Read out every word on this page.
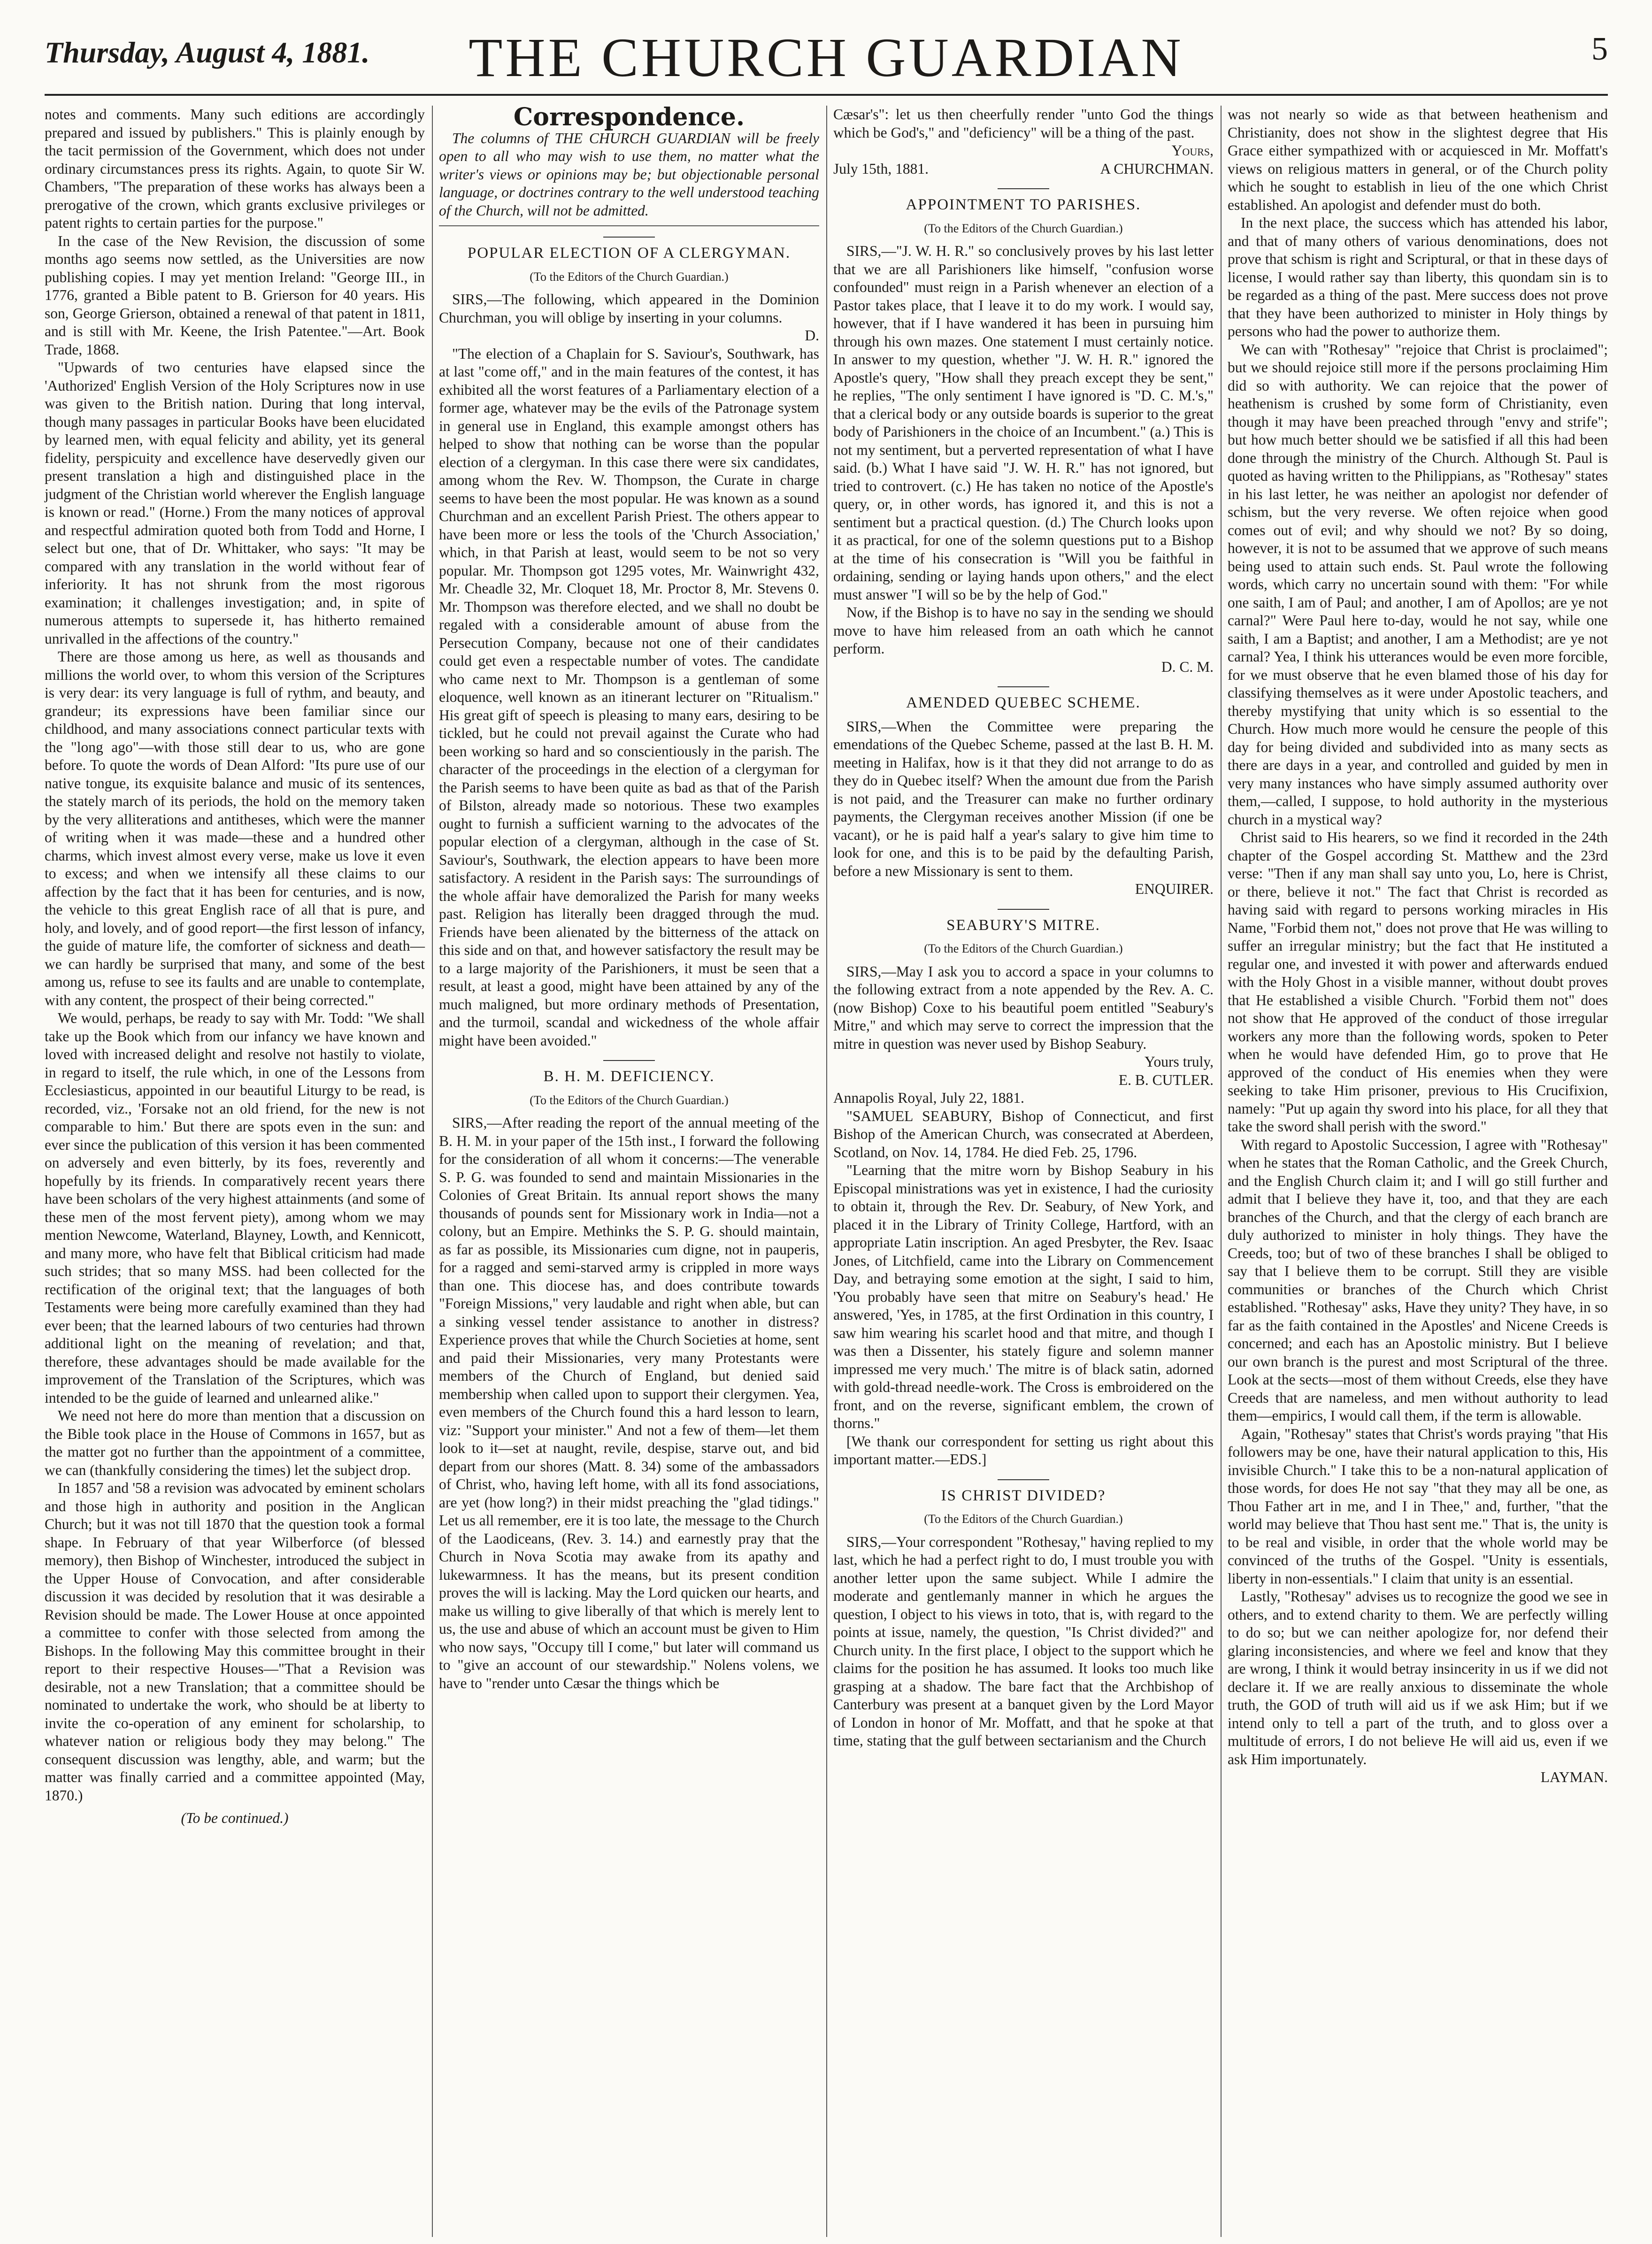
Thursday, August 4, 1881.	THE CHURCH GUARDIAN	5

notes and comments. Many such editions are accordingly prepared and issued by publishers." This is plainly enough by the tacit permission of the Government, which does not under ordinary circumstances press its rights. Again, to quote Sir W. Chambers, "The preparation of these works has always been a prerogative of the crown, which grants exclusive privileges or patent rights to certain parties for the purpose."

In the case of the New Revision, the discussion of some months ago seems now settled, as the Universities are now publishing copies. I may yet mention Ireland: "George III., in 1776, granted a Bible patent to B. Grierson for 40 years. His son, George Grierson, obtained a renewal of that patent in 1811, and is still with Mr. Keene, the Irish Patentee."—Art. Book Trade, 1868.

"Upwards of two centuries have elapsed since the 'Authorized' English Version of the Holy Scriptures now in use was given to the British nation. During that long interval, though many passages in particular Books have been elucidated by learned men, with equal felicity and ability, yet its general fidelity, perspicuity and excellence have deservedly given our present translation a high and distinguished place in the judgment of the Christian world wherever the English language is known or read." (Horne.) From the many notices of approval and respectful admiration quoted both from Todd and Horne, I select but one, that of Dr. Whittaker, who says: "It may be compared with any translation in the world without fear of inferiority. It has not shrunk from the most rigorous examination; it challenges investigation; and, in spite of numerous attempts to supersede it, has hitherto remained unrivalled in the affections of the country."

There are those among us here, as well as thousands and millions the world over, to whom this version of the Scriptures is very dear: its very language is full of rythm, and beauty, and grandeur; its expressions have been familiar since our childhood, and many associations connect particular texts with the "long ago"—with those still dear to us, who are gone before. To quote the words of Dean Alford: "Its pure use of our native tongue, its exquisite balance and music of its sentences, the stately march of its periods, the hold on the memory taken by the very alliterations and antitheses, which were the manner of writing when it was made—these and a hundred other charms, which invest almost every verse, make us love it even to excess; and when we intensify all these claims to our affection by the fact that it has been for centuries, and is now, the vehicle to this great English race of all that is pure, and holy, and lovely, and of good report—the first lesson of infancy, the guide of mature life, the comforter of sickness and death—we can hardly be surprised that many, and some of the best among us, refuse to see its faults and are unable to contemplate, with any content, the prospect of their being corrected."

We would, perhaps, be ready to say with Mr. Todd: "We shall take up the Book which from our infancy we have known and loved with increased delight and resolve not hastily to violate, in regard to itself, the rule which, in one of the Lessons from Ecclesiasticus, appointed in our beautiful Liturgy to be read, is recorded, viz., 'Forsake not an old friend, for the new is not comparable to him.' But there are spots even in the sun: and ever since the publication of this version it has been commented on adversely and even bitterly, by its foes, reverently and hopefully by its friends. In comparatively recent years there have been scholars of the very highest attainments (and some of these men of the most fervent piety), among whom we may mention Newcome, Waterland, Blayney, Lowth, and Kennicott, and many more, who have felt that Biblical criticism had made such strides; that so many MSS. had been collected for the rectification of the original text; that the languages of both Testaments were being more carefully examined than they had ever been; that the learned labours of two centuries had thrown additional light on the meaning of revelation; and that, therefore, these advantages should be made available for the improvement of the Translation of the Scriptures, which was intended to be the guide of learned and unlearned alike."

We need not here do more than mention that a discussion on the Bible took place in the House of Commons in 1657, but as the matter got no further than the appointment of a committee, we can (thankfully considering the times) let the subject drop.

In 1857 and '58 a revision was advocated by eminent scholars and those high in authority and position in the Anglican Church; but it was not till 1870 that the question took a formal shape. In February of that year Wilberforce (of blessed memory), then Bishop of Winchester, introduced the subject in the Upper House of Convocation, and after considerable discussion it was decided by resolution that it was desirable a Revision should be made. The Lower House at once appointed a committee to confer with those selected from among the Bishops. In the following May this committee brought in their report to their respective Houses—"That a Revision was desirable, not a new Translation; that a committee should be nominated to undertake the work, who should be at liberty to invite the co-operation of any eminent for scholarship, to whatever nation or religious body they may belong." The consequent discussion was lengthy, able, and warm; but the matter was finally carried and a committee appointed (May, 1870.)

(To be continued.)

Correspondence.

The columns of THE CHURCH GUARDIAN will be freely open to all who may wish to use them, no matter what the writer's views or opinions may be; but objectionable personal language, or doctrines contrary to the well understood teaching of the Church, will not be admitted.

POPULAR ELECTION OF A CLERGYMAN.

(To the Editors of the Church Guardian.)

SIRS,—The following, which appeared in the Dominion Churchman, you will oblige by inserting in your columns.

D.

"The election of a Chaplain for S. Saviour's, Southwark, has at last "come off," and in the main features of the contest, it has exhibited all the worst features of a Parliamentary election of a former age, whatever may be the evils of the Patronage system in general use in England, this example amongst others has helped to show that nothing can be worse than the popular election of a clergyman. In this case there were six candidates, among whom the Rev. W. Thompson, the Curate in charge seems to have been the most popular. He was known as a sound Churchman and an excellent Parish Priest. The others appear to have been more or less the tools of the 'Church Association,' which, in that Parish at least, would seem to be not so very popular. Mr. Thompson got 1295 votes, Mr. Wainwright 432, Mr. Cheadle 32, Mr. Cloquet 18, Mr. Proctor 8, Mr. Stevens 0. Mr. Thompson was therefore elected, and we shall no doubt be regaled with a considerable amount of abuse from the Persecution Company, because not one of their candidates could get even a respectable number of votes. The candidate who came next to Mr. Thompson is a gentleman of some eloquence, well known as an itinerant lecturer on "Ritualism." His great gift of speech is pleasing to many ears, desiring to be tickled, but he could not prevail against the Curate who had been working so hard and so conscientiously in the parish. The character of the proceedings in the election of a clergyman for the Parish seems to have been quite as bad as that of the Parish of Bilston, already made so notorious. These two examples ought to furnish a sufficient warning to the advocates of the popular election of a clergyman, although in the case of St. Saviour's, Southwark, the election appears to have been more satisfactory. A resident in the Parish says: The surroundings of the whole affair have demoralized the Parish for many weeks past. Religion has literally been dragged through the mud. Friends have been alienated by the bitterness of the attack on this side and on that, and however satisfactory the result may be to a large majority of the Parishioners, it must be seen that a result, at least a good, might have been attained by any of the much maligned, but more ordinary methods of Presentation, and the turmoil, scandal and wickedness of the whole affair might have been avoided."

B. H. M. DEFICIENCY.

(To the Editors of the Church Guardian.)

SIRS,—After reading the report of the annual meeting of the B. H. M. in your paper of the 15th inst., I forward the following for the consideration of all whom it concerns:—The venerable S. P. G. was founded to send and maintain Missionaries in the Colonies of Great Britain. Its annual report shows the many thousands of pounds sent for Missionary work in India—not a colony, but an Empire. Methinks the S. P. G. should maintain, as far as possible, its Missionaries cum digne, not in pauperis, for a ragged and semi-starved army is crippled in more ways than one. This diocese has, and does contribute towards "Foreign Missions," very laudable and right when able, but can a sinking vessel tender assistance to another in distress? Experience proves that while the Church Societies at home, sent and paid their Missionaries, very many Protestants were members of the Church of England, but denied said membership when called upon to support their clergymen. Yea, even members of the Church found this a hard lesson to learn, viz: "Support your minister." And not a few of them—let them look to it—set at naught, revile, despise, starve out, and bid depart from our shores (Matt. 8. 34) some of the ambassadors of Christ, who, having left home, with all its fond associations, are yet (how long?) in their midst preaching the "glad tidings." Let us all remember, ere it is too late, the message to the Church of the Laodiceans, (Rev. 3. 14.) and earnestly pray that the Church in Nova Scotia may awake from its apathy and lukewarmness. It has the means, but its present condition proves the will is lacking. May the Lord quicken our hearts, and make us willing to give liberally of that which is merely lent to us, the use and abuse of which an account must be given to Him who now says, "Occupy till I come," but later will command us to "give an account of our stewardship." Nolens volens, we have to "render unto Cæsar the things which be

Cæsar's": let us then cheerfully render "unto God the things which be God's," and "deficiency" will be a thing of the past.

Yours,

July 15th, 1881.	A CHURCHMAN.
APPOINTMENT TO PARISHES.

(To the Editors of the Church Guardian.)

SIRS,—"J. W. H. R." so conclusively proves by his last letter that we are all Parishioners like himself, "confusion worse confounded" must reign in a Parish whenever an election of a Pastor takes place, that I leave it to do my work. I would say, however, that if I have wandered it has been in pursuing him through his own mazes. One statement I must certainly notice. In answer to my question, whether "J. W. H. R." ignored the Apostle's query, "How shall they preach except they be sent," he replies, "The only sentiment I have ignored is "D. C. M.'s," that a clerical body or any outside boards is superior to the great body of Parishioners in the choice of an Incumbent." (a.) This is not my sentiment, but a perverted representation of what I have said. (b.) What I have said "J. W. H. R." has not ignored, but tried to controvert. (c.) He has taken no notice of the Apostle's query, or, in other words, has ignored it, and this is not a sentiment but a practical question. (d.) The Church looks upon it as practical, for one of the solemn questions put to a Bishop at the time of his consecration is "Will you be faithful in ordaining, sending or laying hands upon others," and the elect must answer "I will so be by the help of God."

Now, if the Bishop is to have no say in the sending we should move to have him released from an oath which he cannot perform.

D. C. M.

AMENDED QUEBEC SCHEME.

SIRS,—When the Committee were preparing the emendations of the Quebec Scheme, passed at the last B. H. M. meeting in Halifax, how is it that they did not arrange to do as they do in Quebec itself? When the amount due from the Parish is not paid, and the Treasurer can make no further ordinary payments, the Clergyman receives another Mission (if one be vacant), or he is paid half a year's salary to give him time to look for one, and this is to be paid by the defaulting Parish, before a new Missionary is sent to them.

ENQUIRER.

SEABURY'S MITRE.

(To the Editors of the Church Guardian.)

SIRS,—May I ask you to accord a space in your columns to the following extract from a note appended by the Rev. A. C. (now Bishop) Coxe to his beautiful poem entitled "Seabury's Mitre," and which may serve to correct the impression that the mitre in question was never used by Bishop Seabury.

Yours truly,

E. B. CUTLER.

Annapolis Royal, July 22, 1881.

"SAMUEL SEABURY, Bishop of Connecticut, and first Bishop of the American Church, was consecrated at Aberdeen, Scotland, on Nov. 14, 1784. He died Feb. 25, 1796.

"Learning that the mitre worn by Bishop Seabury in his Episcopal ministrations was yet in existence, I had the curiosity to obtain it, through the Rev. Dr. Seabury, of New York, and placed it in the Library of Trinity College, Hartford, with an appropriate Latin inscription. An aged Presbyter, the Rev. Isaac Jones, of Litchfield, came into the Library on Commencement Day, and betraying some emotion at the sight, I said to him, 'You probably have seen that mitre on Seabury's head.' He answered, 'Yes, in 1785, at the first Ordination in this country, I saw him wearing his scarlet hood and that mitre, and though I was then a Dissenter, his stately figure and solemn manner impressed me very much.' The mitre is of black satin, adorned with gold-thread needle-work. The Cross is embroidered on the front, and on the reverse, significant emblem, the crown of thorns."

[We thank our correspondent for setting us right about this important matter.—EDS.]

IS CHRIST DIVIDED?

(To the Editors of the Church Guardian.)

SIRS,—Your correspondent "Rothesay," having replied to my last, which he had a perfect right to do, I must trouble you with another letter upon the same subject. While I admire the moderate and gentlemanly manner in which he argues the question, I object to his views in toto, that is, with regard to the points at issue, namely, the question, "Is Christ divided?" and Church unity. In the first place, I object to the support which he claims for the position he has assumed. It looks too much like grasping at a shadow. The bare fact that the Archbishop of Canterbury was present at a banquet given by the Lord Mayor of London in honor of Mr. Moffatt, and that he spoke at that time, stating that the gulf between sectarianism and the Church

was not nearly so wide as that between heathenism and Christianity, does not show in the slightest degree that His Grace either sympathized with or acquiesced in Mr. Moffatt's views on religious matters in general, or of the Church polity which he sought to establish in lieu of the one which Christ established. An apologist and defender must do both.

In the next place, the success which has attended his labor, and that of many others of various denominations, does not prove that schism is right and Scriptural, or that in these days of license, I would rather say than liberty, this quondam sin is to be regarded as a thing of the past. Mere success does not prove that they have been authorized to minister in Holy things by persons who had the power to authorize them.

We can with "Rothesay" "rejoice that Christ is proclaimed"; but we should rejoice still more if the persons proclaiming Him did so with authority. We can rejoice that the power of heathenism is crushed by some form of Christianity, even though it may have been preached through "envy and strife"; but how much better should we be satisfied if all this had been done through the ministry of the Church. Although St. Paul is quoted as having written to the Philippians, as "Rothesay" states in his last letter, he was neither an apologist nor defender of schism, but the very reverse. We often rejoice when good comes out of evil; and why should we not? By so doing, however, it is not to be assumed that we approve of such means being used to attain such ends. St. Paul wrote the following words, which carry no uncertain sound with them: "For while one saith, I am of Paul; and another, I am of Apollos; are ye not carnal?" Were Paul here to-day, would he not say, while one saith, I am a Baptist; and another, I am a Methodist; are ye not carnal? Yea, I think his utterances would be even more forcible, for we must observe that he even blamed those of his day for classifying themselves as it were under Apostolic teachers, and thereby mystifying that unity which is so essential to the Church. How much more would he censure the people of this day for being divided and subdivided into as many sects as there are days in a year, and controlled and guided by men in very many instances who have simply assumed authority over them,—called, I suppose, to hold authority in the mysterious church in a mystical way?

Christ said to His hearers, so we find it recorded in the 24th chapter of the Gospel according St. Matthew and the 23rd verse: "Then if any man shall say unto you, Lo, here is Christ, or there, believe it not." The fact that Christ is recorded as having said with regard to persons working miracles in His Name, "Forbid them not," does not prove that He was willing to suffer an irregular ministry; but the fact that He instituted a regular one, and invested it with power and afterwards endued with the Holy Ghost in a visible manner, without doubt proves that He established a visible Church. "Forbid them not" does not show that He approved of the conduct of those irregular workers any more than the following words, spoken to Peter when he would have defended Him, go to prove that He approved of the conduct of His enemies when they were seeking to take Him prisoner, previous to His Crucifixion, namely: "Put up again thy sword into his place, for all they that take the sword shall perish with the sword."

With regard to Apostolic Succession, I agree with "Rothesay" when he states that the Roman Catholic, and the Greek Church, and the English Church claim it; and I will go still further and admit that I believe they have it, too, and that they are each branches of the Church, and that the clergy of each branch are duly authorized to minister in holy things. They have the Creeds, too; but of two of these branches I shall be obliged to say that I believe them to be corrupt. Still they are visible communities or branches of the Church which Christ established. "Rothesay" asks, Have they unity? They have, in so far as the faith contained in the Apostles' and Nicene Creeds is concerned; and each has an Apostolic ministry. But I believe our own branch is the purest and most Scriptural of the three. Look at the sects—most of them without Creeds, else they have Creeds that are nameless, and men without authority to lead them—empirics, I would call them, if the term is allowable.

Again, "Rothesay" states that Christ's words praying "that His followers may be one, have their natural application to this, His invisible Church." I take this to be a non-natural application of those words, for does He not say "that they may all be one, as Thou Father art in me, and I in Thee," and, further, "that the world may believe that Thou hast sent me." That is, the unity is to be real and visible, in order that the whole world may be convinced of the truths of the Gospel. "Unity is essentials, liberty in non-essentials." I claim that unity is an essential.

Lastly, "Rothesay" advises us to recognize the good we see in others, and to extend charity to them. We are perfectly willing to do so; but we can neither apologize for, nor defend their glaring inconsistencies, and where we feel and know that they are wrong, I think it would betray insincerity in us if we did not declare it. If we are really anxious to disseminate the whole truth, the GOD of truth will aid us if we ask Him; but if we intend only to tell a part of the truth, and to gloss over a multitude of errors, I do not believe He will aid us, even if we ask Him importunately.

LAYMAN.
